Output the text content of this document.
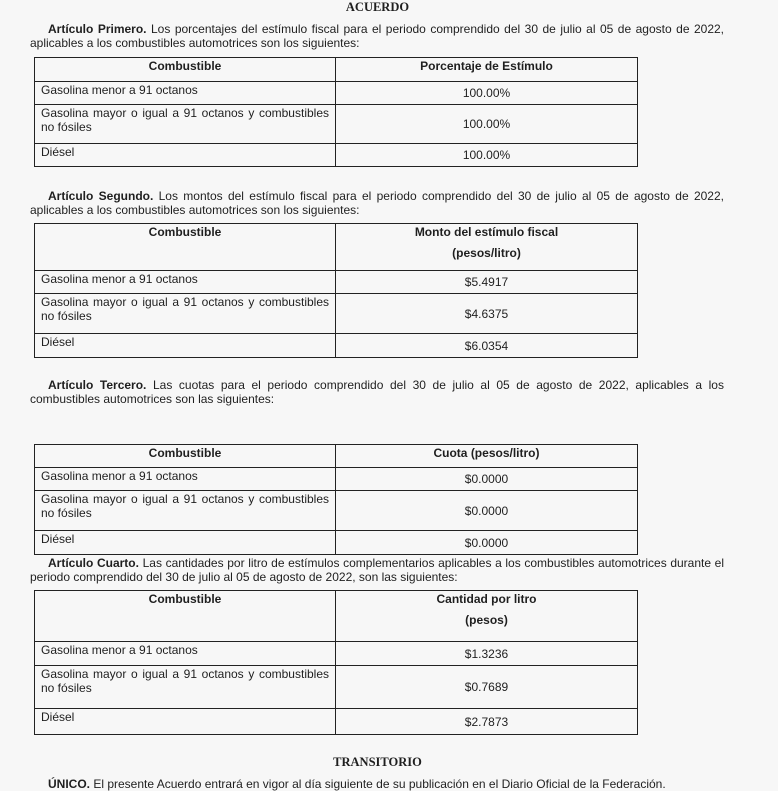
ACUERDO

Artículo Primero. Los porcentajes del estímulo fiscal para el periodo comprendido del 30 de julio al 05 de agosto de 2022, aplicables a los combustibles automotrices son los siguientes:

Combustible	Porcentaje de Estímulo
Gasolina menor a 91 octanos	100.00%
Gasolina mayor o igual a 91 octanos y combustibles no fósiles	100.00%
Diésel	100.00%

Artículo Segundo. Los montos del estímulo fiscal para el periodo comprendido del 30 de julio al 05 de agosto de 2022, aplicables a los combustibles automotrices son los siguientes:

Combustible	Monto del estímulo fiscal
(pesos/litro)

Gasolina menor a 91 octanos	$5.4917
Gasolina mayor o igual a 91 octanos y combustibles no fósiles	$4.6375
Diésel	$6.0354

Artículo Tercero. Las cuotas para el periodo comprendido del 30 de julio al 05 de agosto de 2022, aplicables a los combustibles automotrices son las siguientes:

Combustible	Cuota (pesos/litro)
Gasolina menor a 91 octanos	$0.0000
Gasolina mayor o igual a 91 octanos y combustibles no fósiles	$0.0000
Diésel	$0.0000

Artículo Cuarto. Las cantidades por litro de estímulos complementarios aplicables a los combustibles automotrices durante el periodo comprendido del 30 de julio al 05 de agosto de 2022, son las siguientes:

Combustible	Cantidad por litro
(pesos)

Gasolina menor a 91 octanos	$1.3236
Gasolina mayor o igual a 91 octanos y combustibles no fósiles	$0.7689
Diésel	$2.7873
TRANSITORIO

ÚNICO. El presente Acuerdo entrará en vigor al día siguiente de su publicación en el Diario Oficial de la Federación.
